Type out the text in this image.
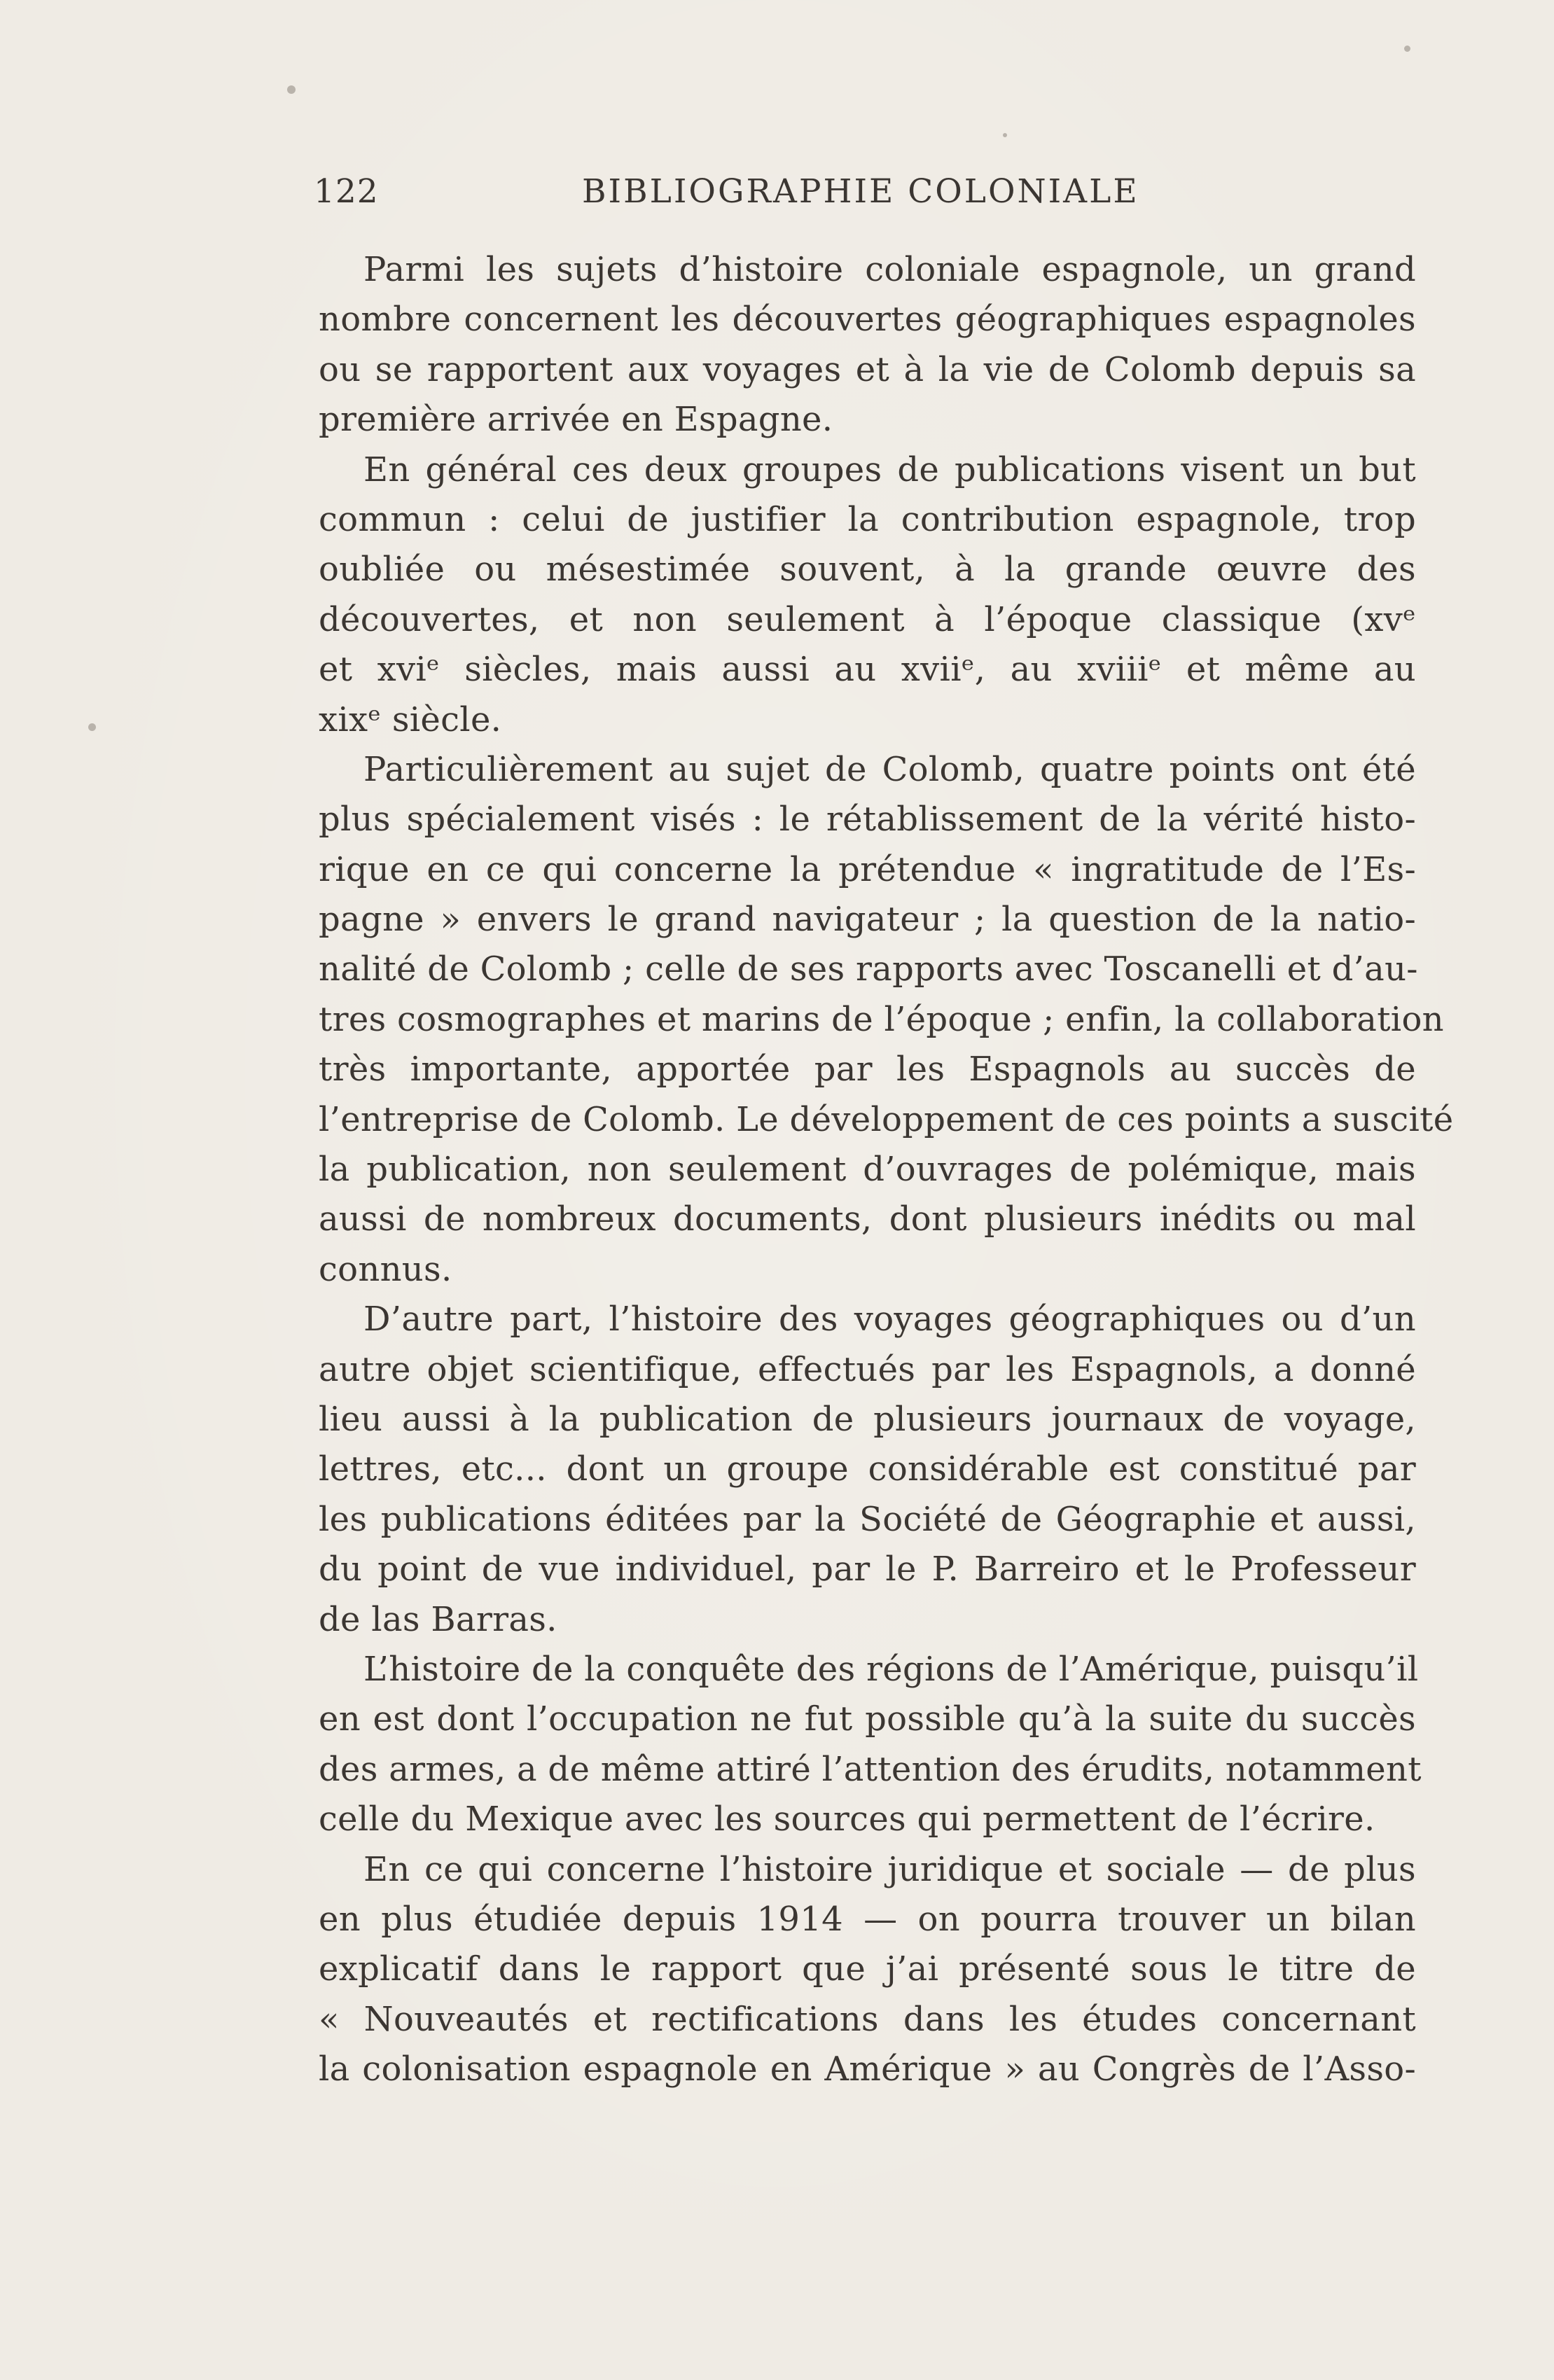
122	BIBLIOGRAPHIE COLONIALE
Parmi les sujets d’histoire coloniale espagnole, un grand
nombre concernent les découvertes géographiques espagnoles
ou se rapportent aux voyages et à la vie de Colomb depuis sa
première arrivée en Espagne.
En général ces deux groupes de publications visent un but
commun : celui de justifier la contribution espagnole, trop
oubliée ou mésestimée souvent, à la grande œuvre des
découvertes, et non seulement à l’époque classique (xvᵉ
et xviᵉ siècles, mais aussi au xviiᵉ, au xviiiᵉ et même au
xixᵉ siècle.
Particulièrement au sujet de Colomb, quatre points ont été
plus spécialement visés : le rétablissement de la vérité histo-
rique en ce qui concerne la prétendue « ingratitude de l’Es-
pagne » envers le grand navigateur ; la question de la natio-
nalité de Colomb ; celle de ses rapports avec Toscanelli et d’au-
tres cosmographes et marins de l’époque ; enfin, la collaboration
très importante, apportée par les Espagnols au succès de
l’entreprise de Colomb. Le développement de ces points a suscité
la publication, non seulement d’ouvrages de polémique, mais
aussi de nombreux documents, dont plusieurs inédits ou mal
connus.
D’autre part, l’histoire des voyages géographiques ou d’un
autre objet scientifique, effectués par les Espagnols, a donné
lieu aussi à la publication de plusieurs journaux de voyage,
lettres, etc... dont un groupe considérable est constitué par
les publications éditées par la Société de Géographie et aussi,
du point de vue individuel, par le P. Barreiro et le Professeur
de las Barras.
L’histoire de la conquête des régions de l’Amérique, puisqu’il
en est dont l’occupation ne fut possible qu’à la suite du succès
des armes, a de même attiré l’attention des érudits, notamment
celle du Mexique avec les sources qui permettent de l’écrire.
En ce qui concerne l’histoire juridique et sociale — de plus
en plus étudiée depuis 1914 — on pourra trouver un bilan
explicatif dans le rapport que j’ai présenté sous le titre de
« Nouveautés et rectifications dans les études concernant
la colonisation espagnole en Amérique » au Congrès de l’Asso-
